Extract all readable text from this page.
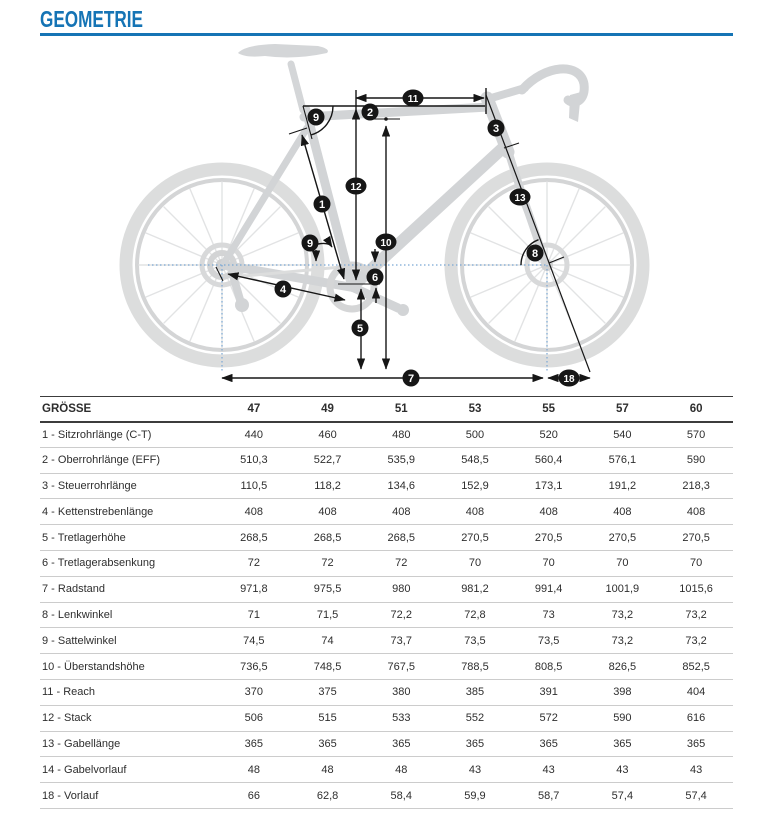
GEOMETRIE
9	2
11
3
12
1
13
9	10
8
6
4
5
7	18
GRÖSSE	47	49	51	53	55	57	60
1 - Sitzrohrlänge (C-T)	440	460	480	500	520	540	570
2 - Oberrohrlänge (EFF)	510,3	522,7	535,9	548,5	560,4	576,1	590
3 - Steuerrohrlänge	110,5	118,2	134,6	152,9	173,1	191,2	218,3
4 - Kettenstrebenlänge	408	408	408	408	408	408	408
5 - Tretlagerhöhe	268,5	268,5	268,5	270,5	270,5	270,5	270,5
6 - Tretlagerabsenkung	72	72	72	70	70	70	70
7 - Radstand	971,8	975,5	980	981,2	991,4	1001,9	1015,6
8 - Lenkwinkel	71	71,5	72,2	72,8	73	73,2	73,2
9 - Sattelwinkel	74,5	74	73,7	73,5	73,5	73,2	73,2
10 - Überstandshöhe	736,5	748,5	767,5	788,5	808,5	826,5	852,5
11 - Reach	370	375	380	385	391	398	404
12 - Stack	506	515	533	552	572	590	616
13 - Gabellänge	365	365	365	365	365	365	365
14 - Gabelvorlauf	48	48	48	43	43	43	43
18 - Vorlauf	66	62,8	58,4	59,9	58,7	57,4	57,4
